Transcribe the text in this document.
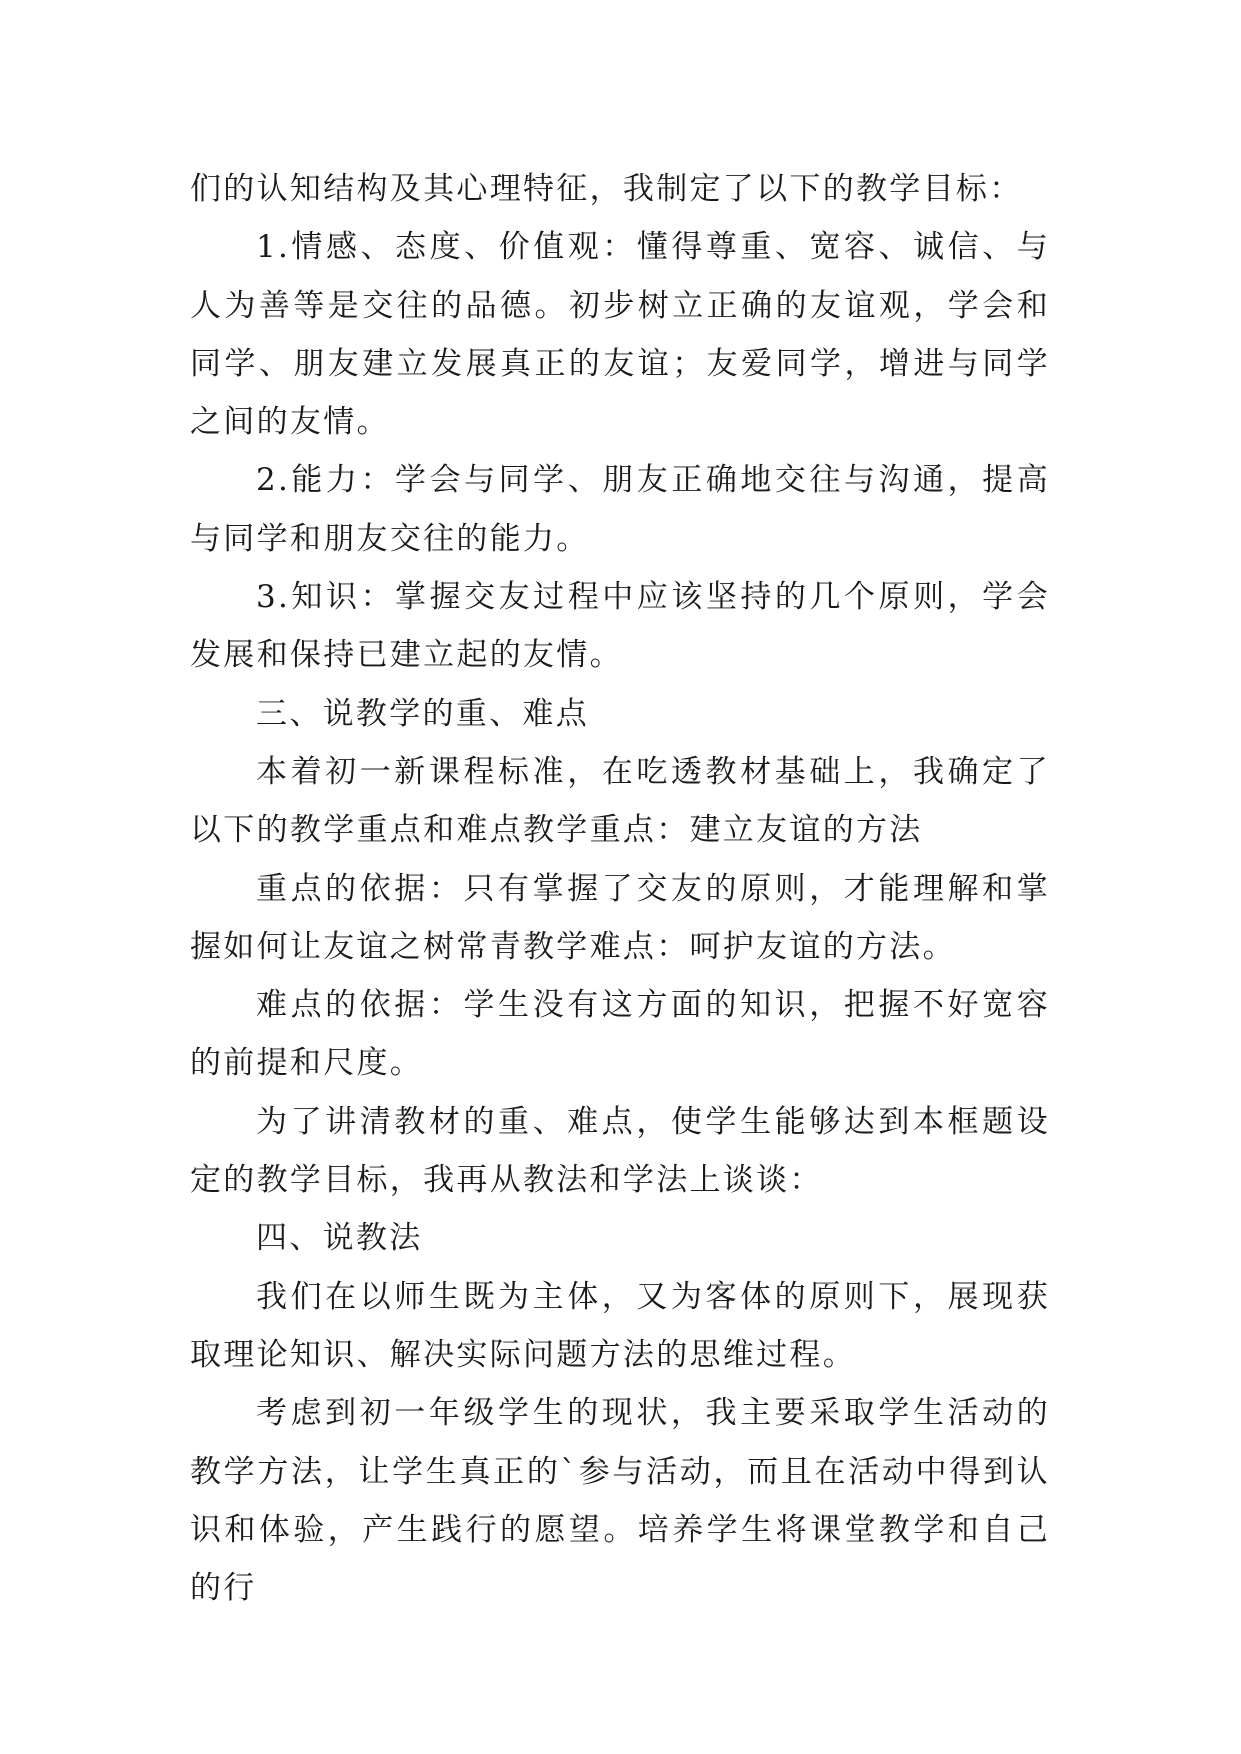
们的认知结构及其心理特征，我制定了以下的教学目标：

1.情感、态度、价值观：懂得尊重、宽容、诚信、与人为善等是交往的品德。初步树立正确的友谊观，学会和同学、朋友建立发展真正的友谊；友爱同学，增进与同学之间的友情。

2.能力：学会与同学、朋友正确地交往与沟通，提高与同学和朋友交往的能力。

3.知识：掌握交友过程中应该坚持的几个原则，学会发展和保持已建立起的友情。

三、说教学的重、难点

本着初一新课程标准，在吃透教材基础上，我确定了以下的教学重点和难点教学重点：建立友谊的方法

重点的依据：只有掌握了交友的原则，才能理解和掌握如何让友谊之树常青教学难点：呵护友谊的方法。

难点的依据：学生没有这方面的知识，把握不好宽容的前提和尺度。

为了讲清教材的重、难点，使学生能够达到本框题设定的教学目标，我再从教法和学法上谈谈：

四、说教法

我们在以师生既为主体，又为客体的原则下，展现获取理论知识、解决实际问题方法的思维过程。

考虑到初一年级学生的现状，我主要采取学生活动的教学方法，让学生真正的`参与活动，而且在活动中得到认识和体验，产生践行的愿望。培养学生将课堂教学和自己的行
